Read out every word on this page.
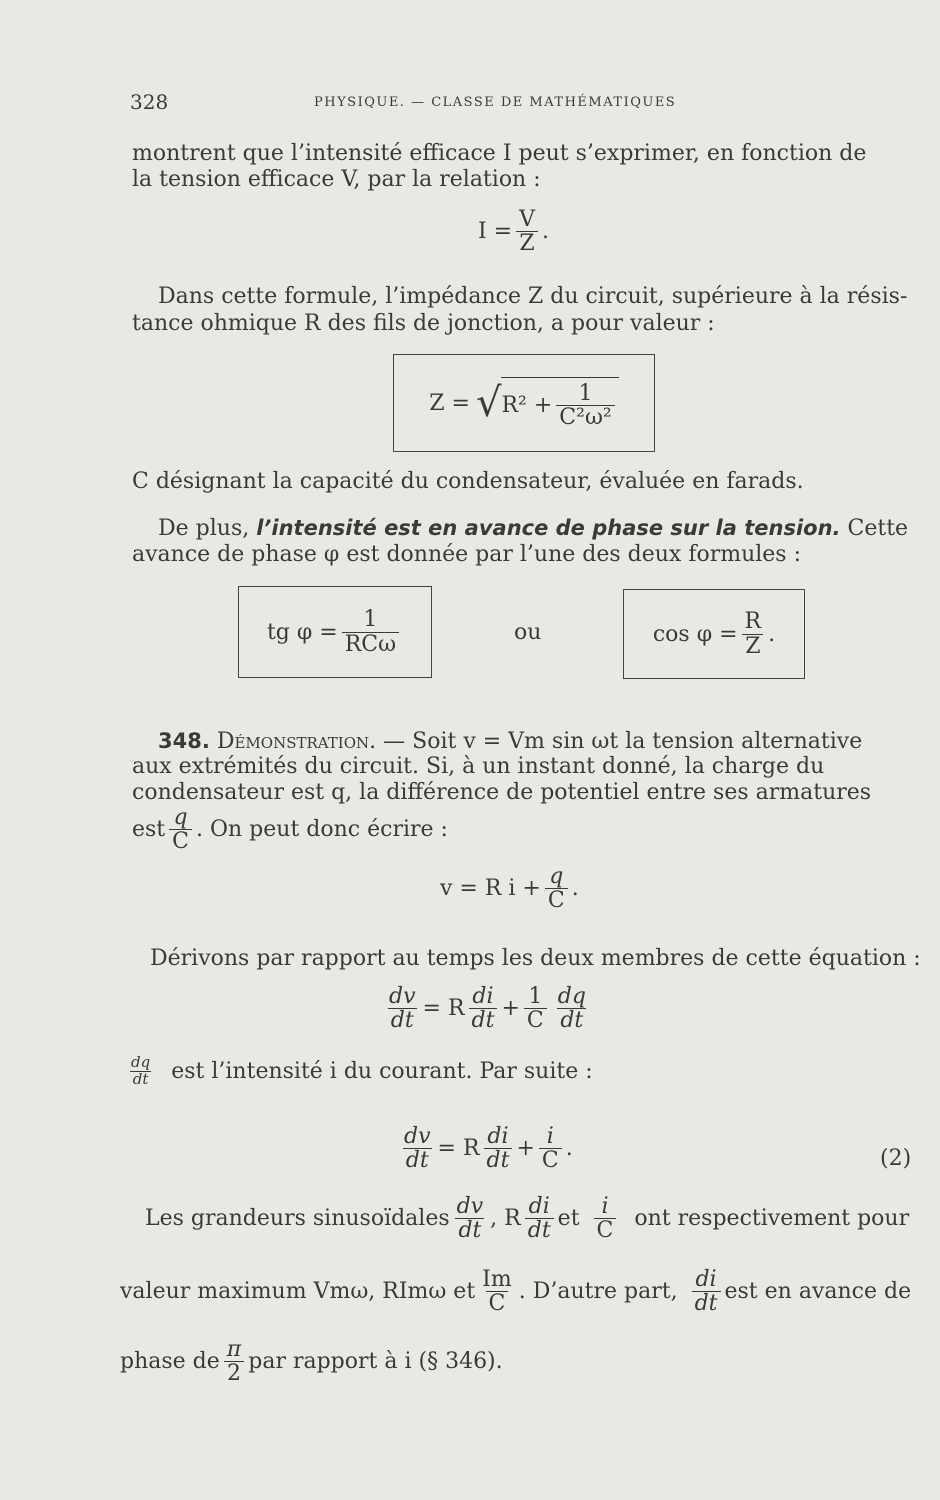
328	PHYSIQUE. — CLASSE DE MATHÉMATIQUES
montrent que l’intensité efficace I peut s’exprimer, en fonction de
la tension efficace V, par la relation :
$I = \frac{V}{Z}$ .
Dans cette formule, l’impédance Z du circuit, supérieure à la résis-
tance ohmique R des fils de jonction, a pour valeur :
Z = √ $R^2 + \frac{1}{\text{C²ω²}}$
C désignant la capacité du condensateur, évaluée en farads.
De plus, l’intensité est en avance de phase sur la tension. Cette
avance de phase φ est donnée par l’une des deux formules :
tg $\varphi = \frac{1}{\text{RCω}}$	ou	$\cos \varphi = \frac{R}{Z}$ .
348. Démonstration. — Soit v = Vm sin ωt la tension alternative
aux extrémités du circuit. Si, à un instant donné, la charge du
condensateur est q, la différence de potentiel entre ses armatures
est $\frac{q}{C}$ . On peut donc écrire :
v = R $i + \frac{q}{C}$ .
Dérivons par rapport au temps les deux membres de cette équation :
$\frac{dv}{dt} = R \frac{di}{dt} + \frac{1}{C} \frac{dq}{dt}$
$\frac{dq}{dt}$ est l’intensité i du courant. Par suite :
$\frac{dv}{dt} = R \frac{di}{dt} + \frac{i}{C}$ .	(2)
Les grandeurs sinusoïdales $\frac{dv}{dt}$ , R $\frac{di}{dt}$ et $\frac{i}{C}$ ont respectivement pour
valeur maximum Vmω, RImω et $\frac{Im}{C}$ . D’autre part, $\frac{di}{dt}$ est en avance de
phase de $\frac{\pi}{2}$ par rapport à i (§ 346).
